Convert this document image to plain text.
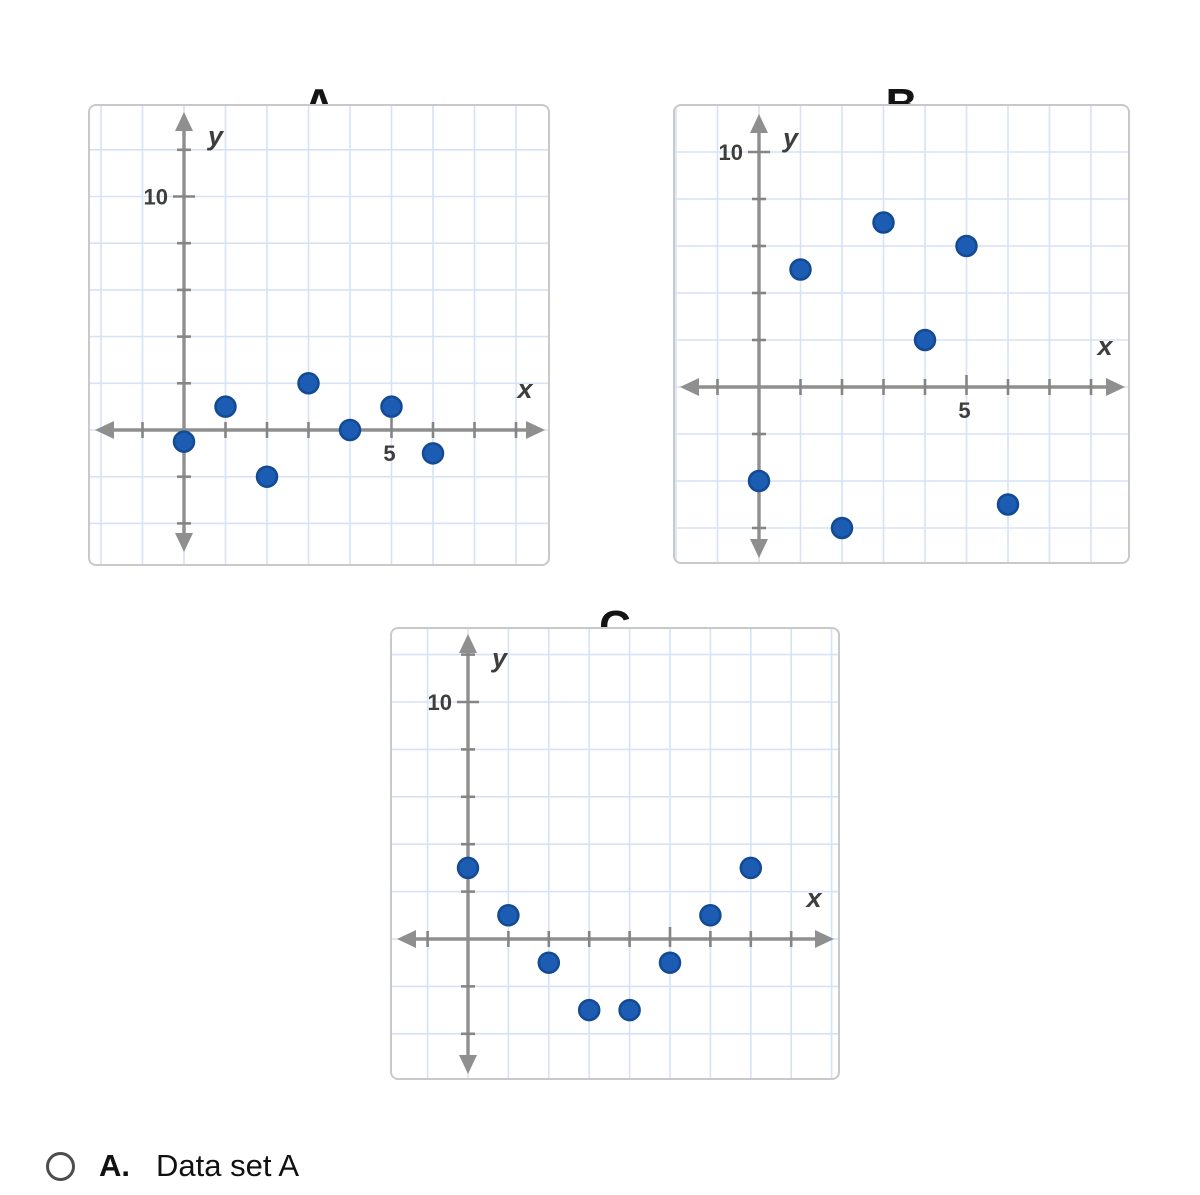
10
5
y
x
10
5
y
x
10
y
x
A. Data set A
